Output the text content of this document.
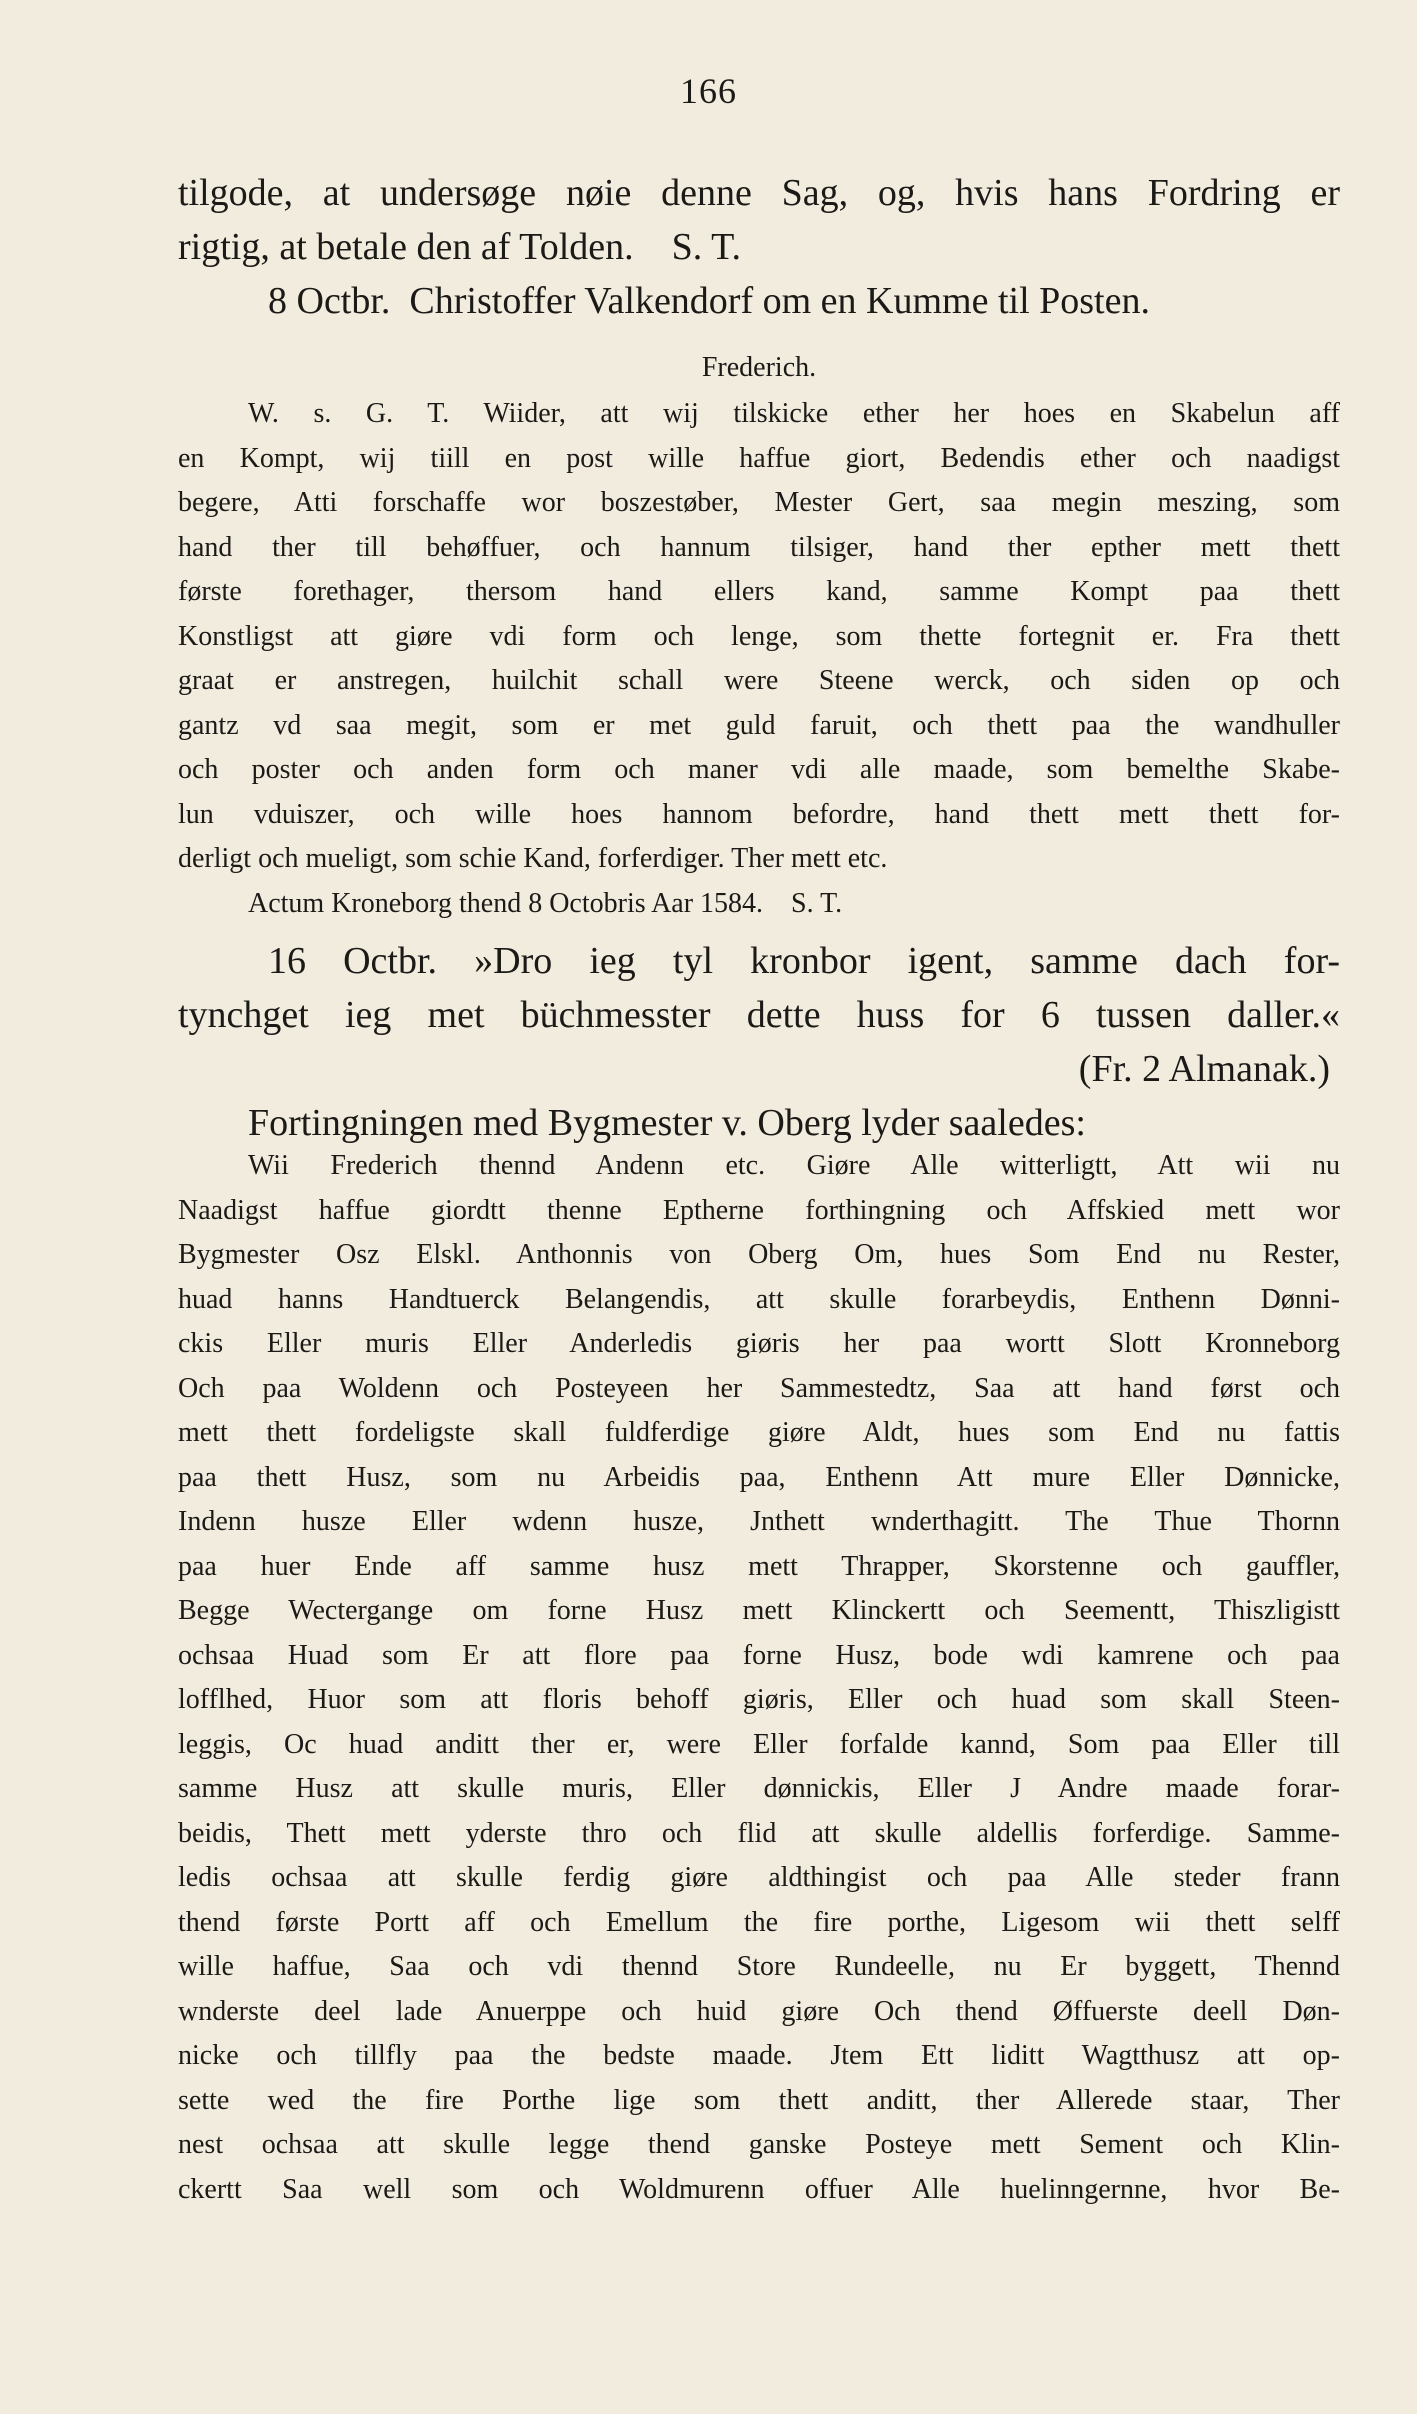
166

tilgode, at undersøge nøie denne Sag, og, hvis hans Fordring er

rigtig, at betale den af Tolden.    S. T.

8 Octbr.  Christoffer Valkendorf om en Kumme til Posten.

Frederich.

W. s. G. T. Wiider, att wij tilskicke ether her hoes en Skabelun aff

en Kompt, wij tiill en post wille haffue giort, Bedendis ether och naadigst

begere, Atti forschaffe wor boszestøber, Mester Gert, saa megin meszing, som

hand ther till behøffuer, och hannum tilsiger, hand ther epther mett thett

første forethager, thersom hand ellers kand, samme Kompt paa thett

Konstligst att giøre vdi form och lenge, som thette fortegnit er. Fra thett

graat er anstregen, huilchit schall were Steene werck, och siden op och

gantz vd saa megit, som er met guld faruit, och thett paa the wandhuller

och poster och anden form och maner vdi alle maade, som bemelthe Skabe-

lun vduiszer, och wille hoes hannom befordre, hand thett mett thett for-

derligt och mueligt, som schie Kand, forferdiger. Ther mett etc.

Actum Kroneborg thend 8 Octobris Aar 1584.    S. T.

16 Octbr. »Dro ieg tyl kronbor igent, samme dach for-

tynchget ieg met büchmesster dette huss for 6 tussen daller.«

(Fr. 2 Almanak.)

Fortingningen med Bygmester v. Oberg lyder saaledes:

Wii Frederich thennd Andenn etc. Giøre Alle witterligtt, Att wii nu

Naadigst haffue giordtt thenne Eptherne forthingning och Affskied mett wor

Bygmester Osz Elskl. Anthonnis von Oberg Om, hues Som End nu Rester,

huad hanns Handtuerck Belangendis, att skulle forarbeydis, Enthenn Dønni-

ckis Eller muris Eller Anderledis giøris her paa wortt Slott Kronneborg

Och paa Woldenn och Posteyeen her Sammestedtz, Saa att hand først och

mett thett fordeligste skall fuldferdige giøre Aldt, hues som End nu fattis

paa thett Husz, som nu Arbeidis paa, Enthenn Att mure Eller Dønnicke,

Indenn husze Eller wdenn husze, Jnthett wnderthagitt. The Thue Thornn

paa huer Ende aff samme husz mett Thrapper, Skorstenne och gauffler,

Begge Wectergange om forne Husz mett Klinckertt och Seementt, Thiszligistt

ochsaa Huad som Er att flore paa forne Husz, bode wdi kamrene och paa

lofflhed, Huor som att floris behoff giøris, Eller och huad som skall Steen-

leggis, Oc huad anditt ther er, were Eller forfalde kannd, Som paa Eller till

samme Husz att skulle muris, Eller dønnickis, Eller J Andre maade forar-

beidis, Thett mett yderste thro och flid att skulle aldellis forferdige. Samme-

ledis ochsaa att skulle ferdig giøre aldthingist och paa Alle steder frann

thend første Portt aff och Emellum the fire porthe, Ligesom wii thett selff

wille haffue, Saa och vdi thennd Store Rundeelle, nu Er byggett, Thennd

wnderste deel lade Anuerppe och huid giøre Och thend Øffuerste deell Døn-

nicke och tillfly paa the bedste maade. Jtem Ett liditt Wagtthusz att op-

sette wed the fire Porthe lige som thett anditt, ther Allerede staar, Ther

nest ochsaa att skulle legge thend ganske Posteye mett Sement och Klin-

ckertt Saa well som och Woldmurenn offuer Alle huelinngernne, hvor Be-
